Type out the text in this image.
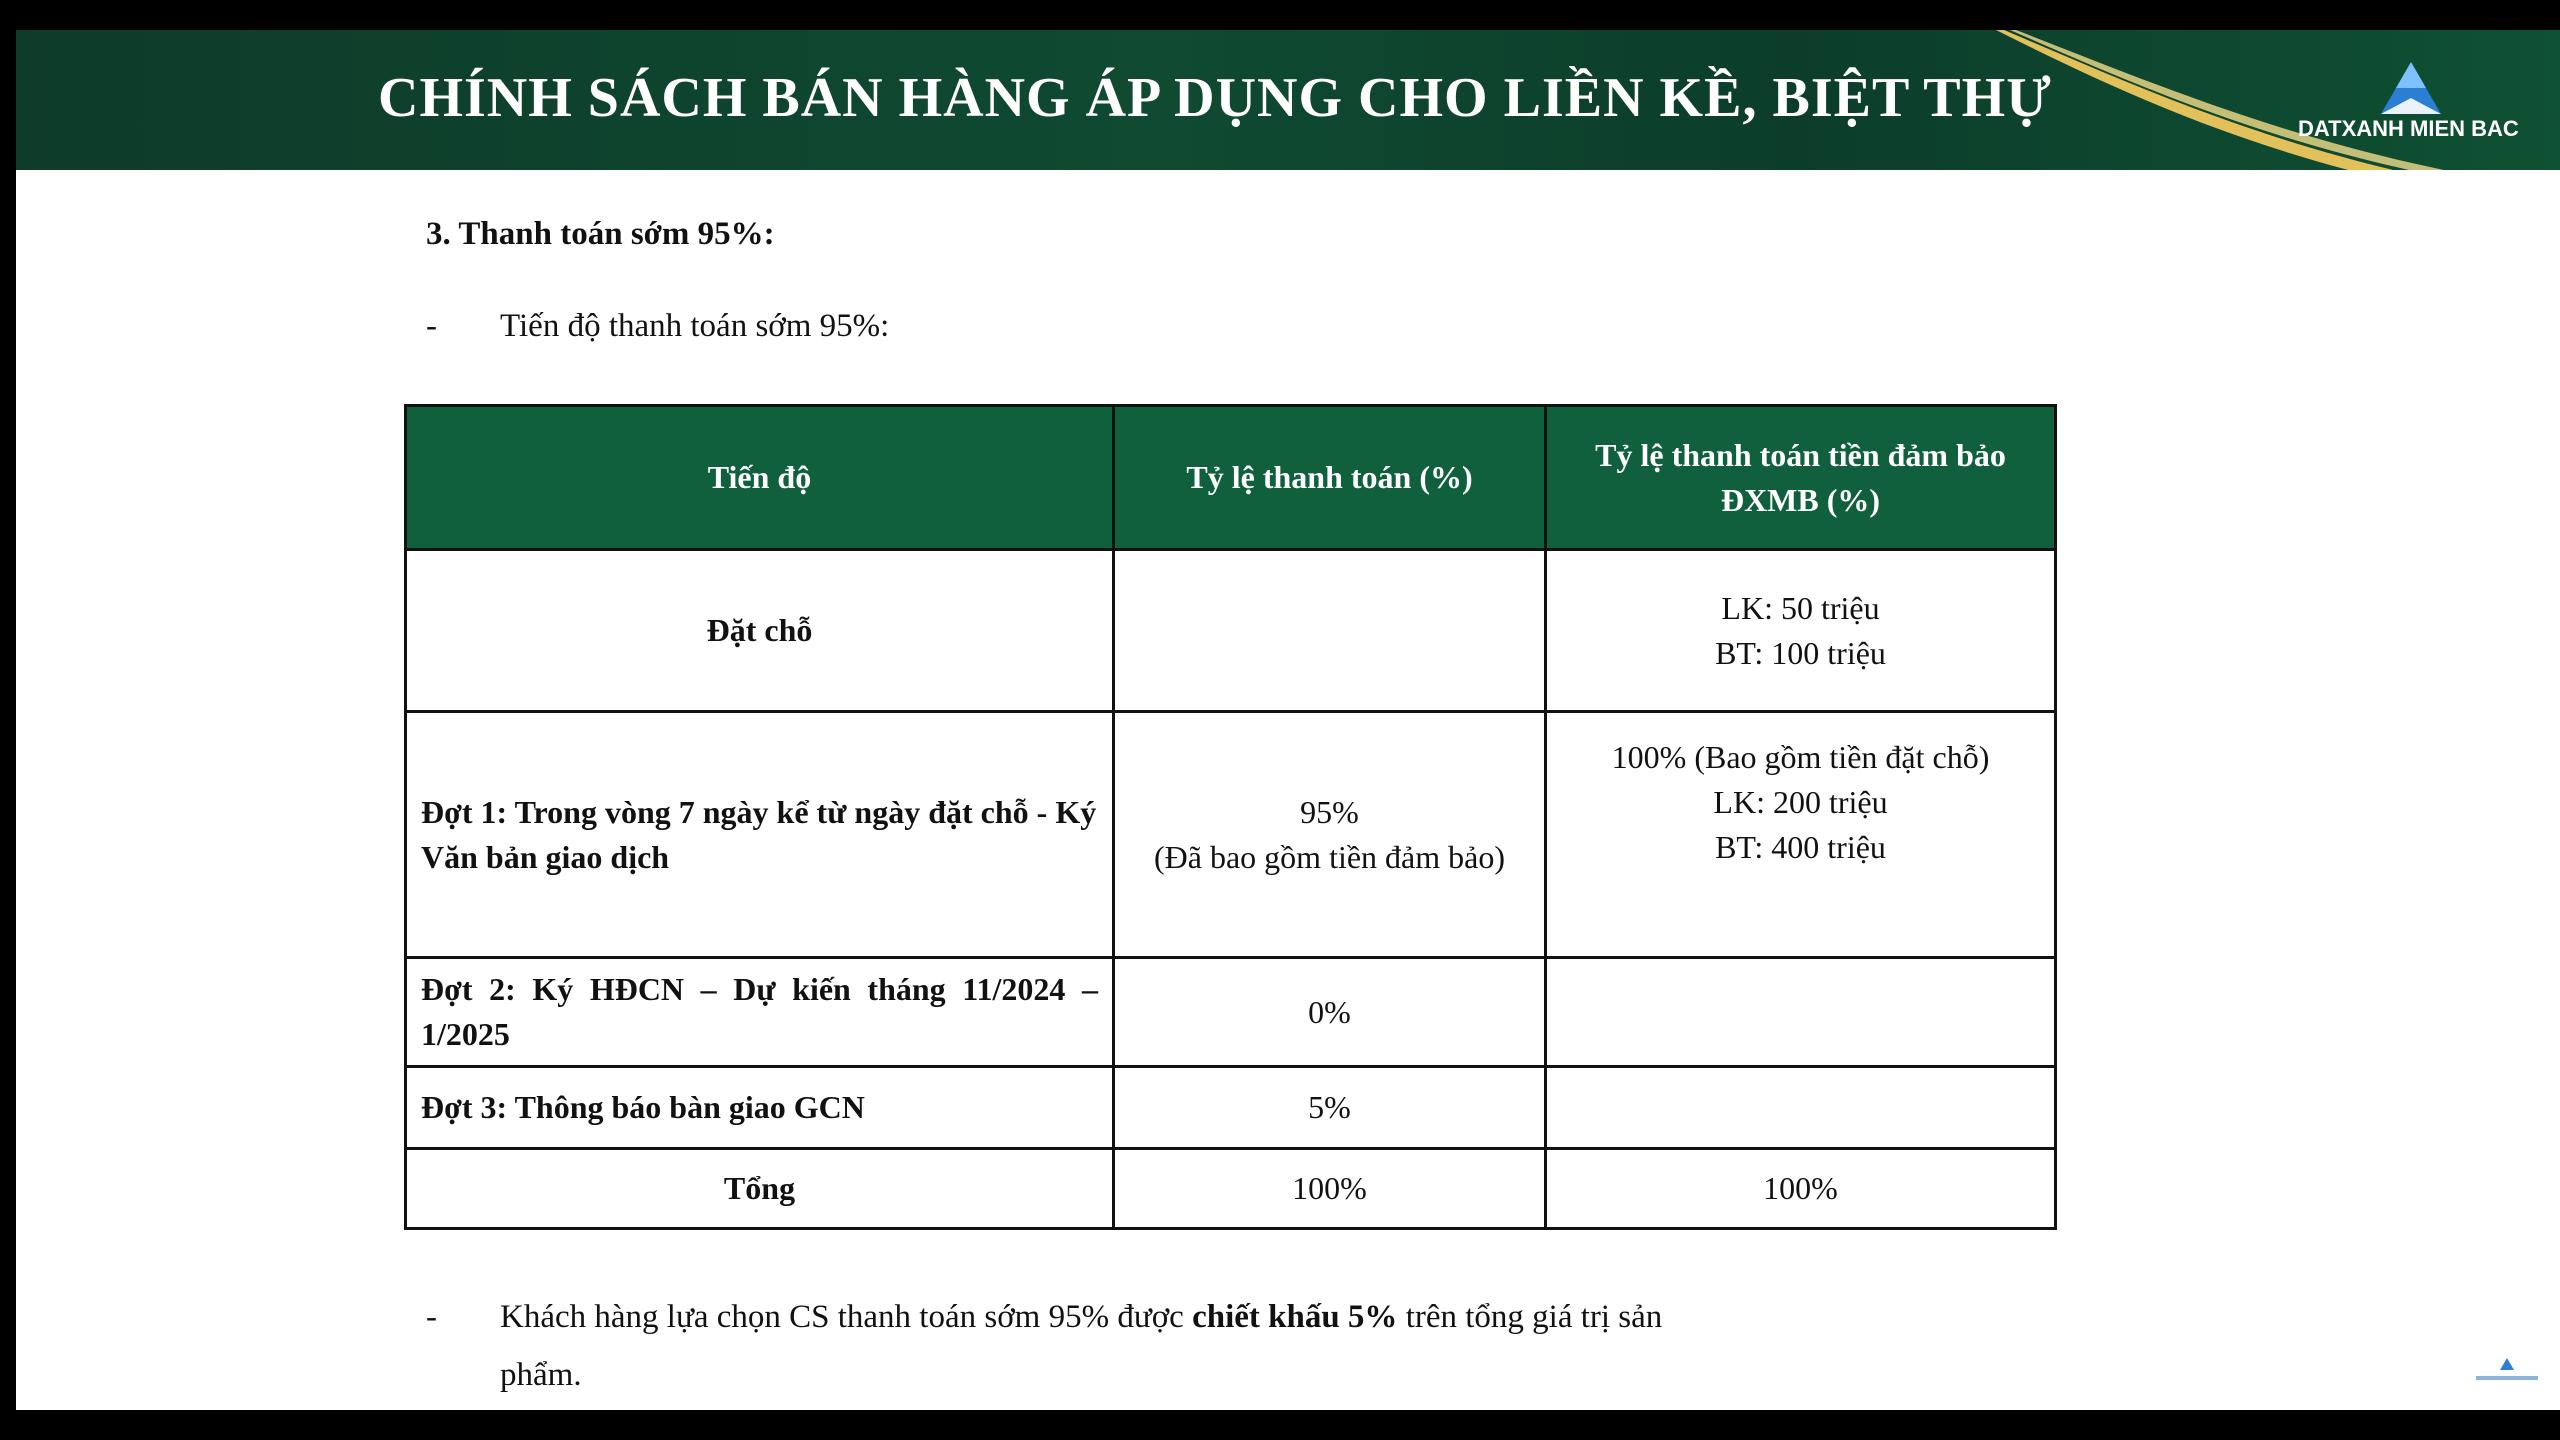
CHÍNH SÁCH BÁN HÀNG ÁP DỤNG CHO LIỀN KỀ, BIỆT THỰ	DATXANH MIEN BAC
3. Thanh toán sớm 95%:
- Tiến độ thanh toán sớm 95%:
Tiến độ	Tỷ lệ thanh toán (%)	Tỷ lệ thanh toán tiền đảm bảo
ĐXMB (%)

Đặt chỗ		LK: 50 triệu
BT: 100 triệu

Đợt 1: Trong vòng 7 ngày kể từ ngày đặt chỗ - Ký Văn bản giao dịch	95%
(Đã bao gồm tiền đảm bảo)	100% (Bao gồm tiền đặt chỗ)
LK: 200 triệu
BT: 400 triệu

Đợt 2: Ký HĐCN – Dự kiến tháng 11/2024 – 1/2025	0%	
Đợt 3: Thông báo bàn giao GCN	5%	
Tổng	100%	100%
- Khách hàng lựa chọn CS thanh toán sớm 95% được chiết khấu 5% trên tổng giá trị sản
phẩm.
